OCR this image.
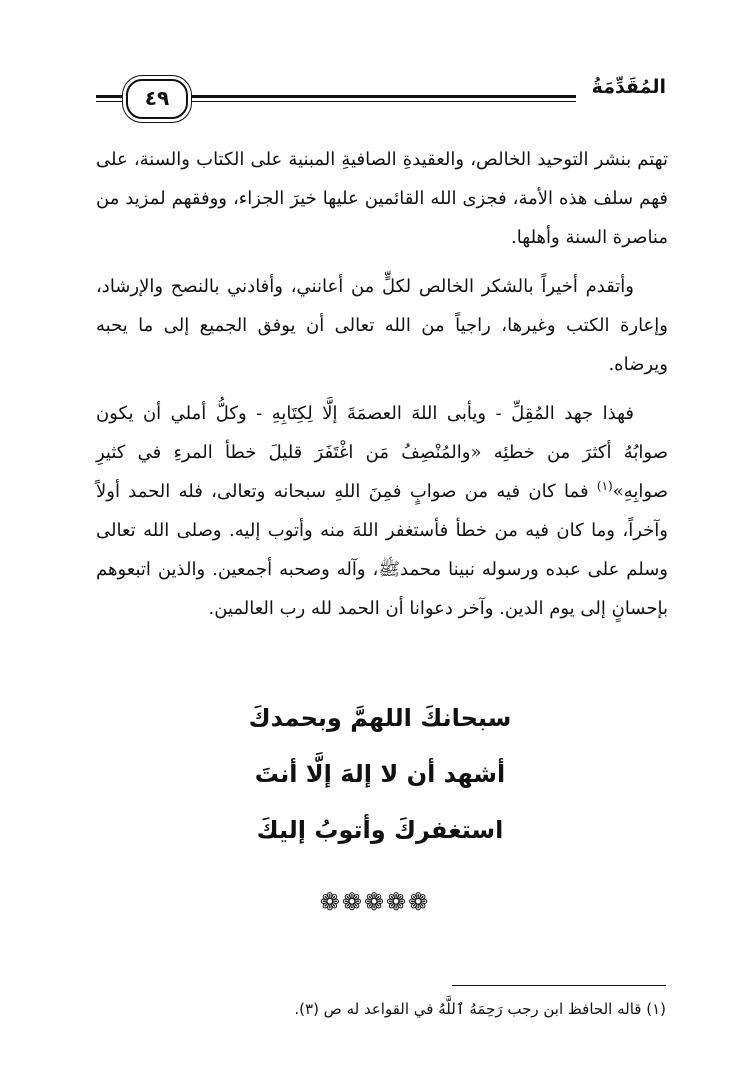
المُقَدِّمَةُ
٤٩

تهتم بنشر التوحيد الخالص، والعقيدةِ الصافيةِ المبنية على الكتاب والسنة، على فهم سلف هذه الأمة، فجزى الله القائمين عليها خيرَ الجزاء، ووفقهم لمزيد من مناصرة السنة وأهلها.

وأتقدم أخيراً بالشكر الخالص لكلٍّ من أعانني، وأفادني بالنصح والإرشاد، وإعارة الكتب وغيرها، راجياً من الله تعالى أن يوفق الجميع إلى ما يحبه ويرضاه.

فهذا جهد المُقِلِّ - ويأبى اللهَ العصمَةَ إلَّا لِكِتَابِهِ - وكلُّ أملي أن يكون صوابُهُ أكثرَ من خطئِه «والمُنْصِفُ مَن اغْتَفَرَ قليلَ خطأ المرءِ في كثيرِ صوابِهِ»$^{(١)}$ فما كان فيه من صوابٍ فمِنَ اللهِ سبحانه وتعالى، فله الحمد أولاً وآخراً، وما كان فيه من خطأ فأستغفر اللهَ منه وأتوب إليه. وصلى الله تعالى وسلم على عبده ورسوله نبينا محمدﷺ، وآله وصحبه أجمعين. والذين اتبعوهم بإحسانٍ إلى يوم الدين. وآخر دعوانا أن الحمد لله رب العالمين.

سبحانكَ اللهمَّ وبحمدكَ
أشهد أن لا إلهَ إلَّا أنتَ
استغفركَ وأتوبُ إليكَ
❁❁❁❁❁
(١) قاله الحافظ ابن رجب رَحِمَهُ ٱللَّهُ في القواعد له ص (٣).
